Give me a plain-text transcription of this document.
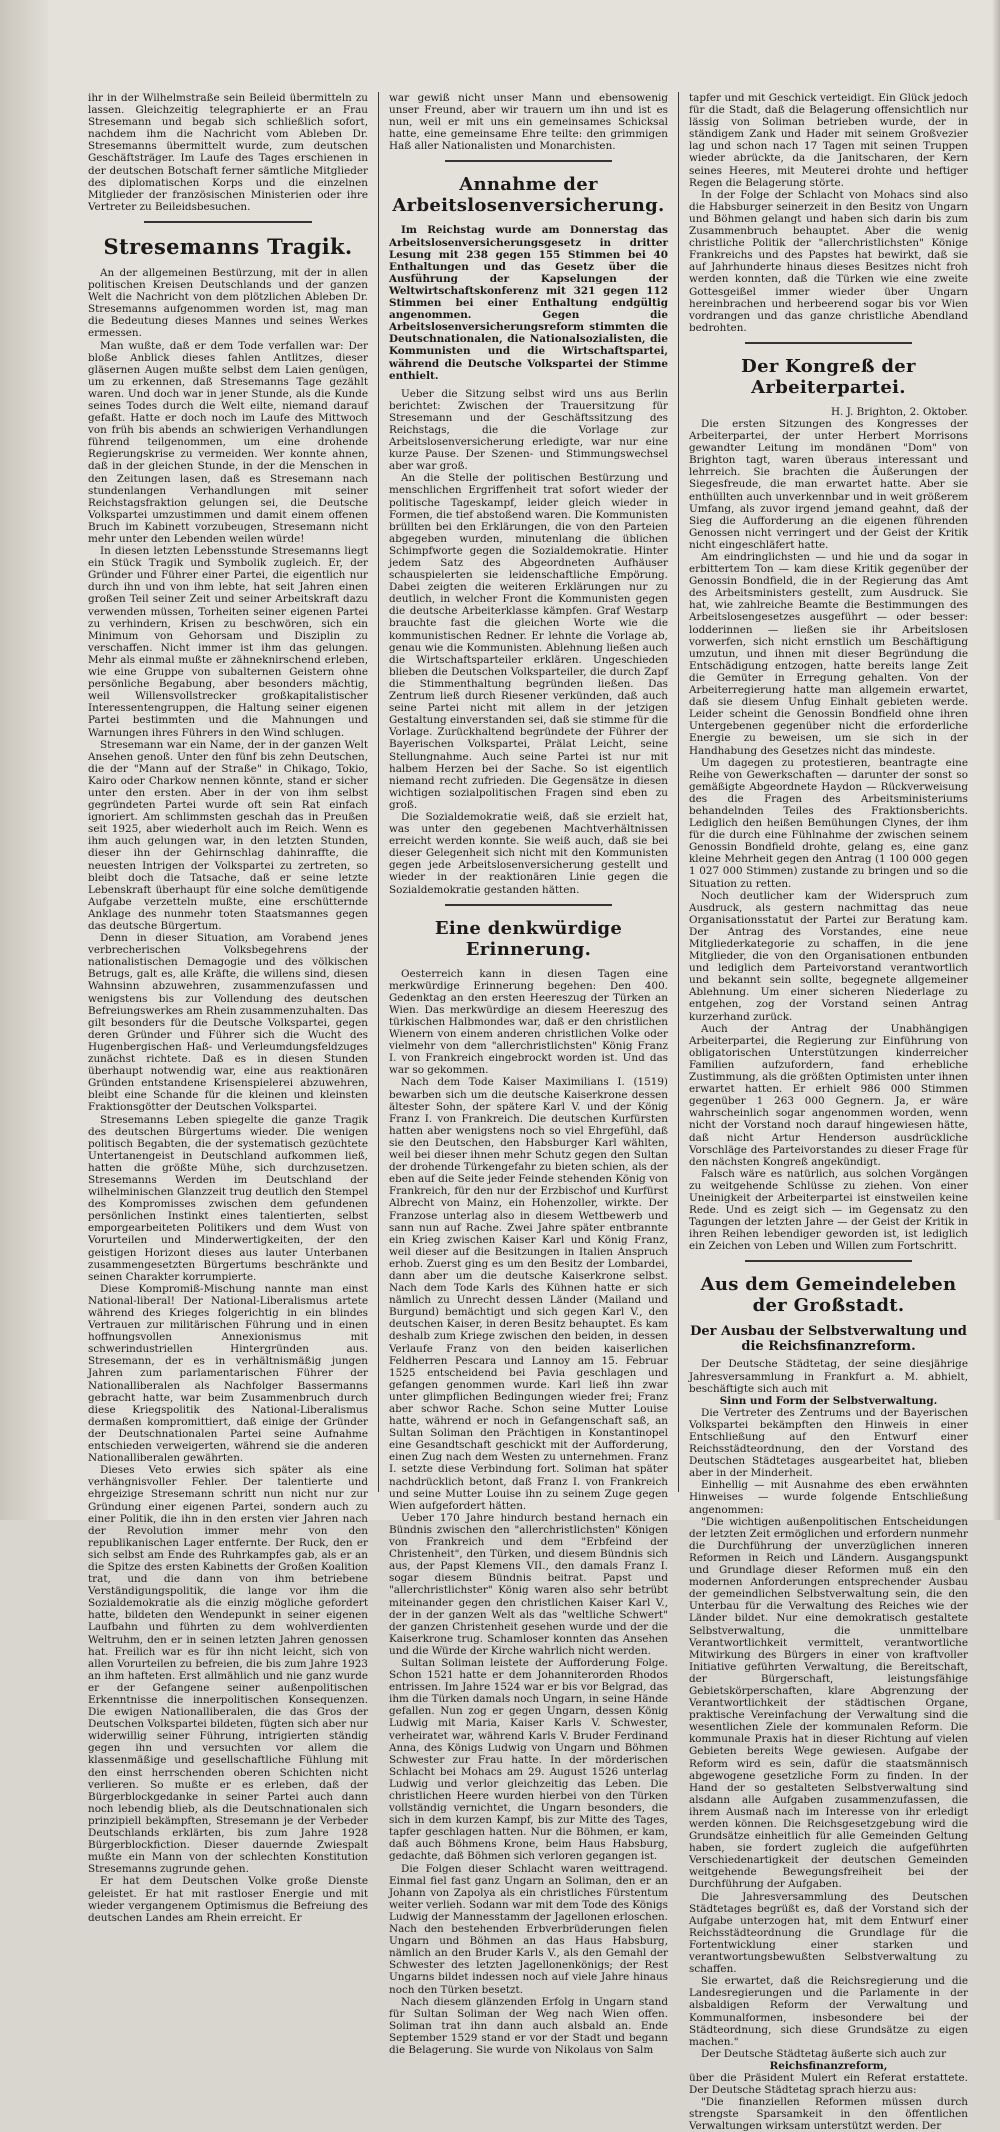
ihr in der Wilhelmstraße sein Beileid übermitteln zu lassen. Gleichzeitig telegraphierte er an Frau Stresemann und begab sich schließlich sofort, nachdem ihm die Nachricht vom Ableben Dr. Stresemanns übermittelt wurde, zum deutschen Geschäftsträger. Im Laufe des Tages erschienen in der deutschen Botschaft ferner sämtliche Mitglieder des diplomatischen Korps und die einzelnen Mitglieder der französischen Ministerien oder ihre Vertreter zu Beileidsbesuchen.

Stresemanns Tragik.

An der allgemeinen Bestürzung, mit der in allen politischen Kreisen Deutschlands und der ganzen Welt die Nachricht von dem plötzlichen Ableben Dr. Stresemanns aufgenommen worden ist, mag man die Bedeutung dieses Mannes und seines Werkes ermessen.

Man wußte, daß er dem Tode verfallen war: Der bloße Anblick dieses fahlen Antlitzes, dieser gläsernen Augen mußte selbst dem Laien genügen, um zu erkennen, daß Stresemanns Tage gezählt waren. Und doch war in jener Stunde, als die Kunde seines Todes durch die Welt eilte, niemand darauf gefaßt. Hatte er doch noch im Laufe des Mittwoch von früh bis abends an schwierigen Verhandlungen führend teilgenommen, um eine drohende Regierungskrise zu vermeiden. Wer konnte ahnen, daß in der gleichen Stunde, in der die Menschen in den Zeitungen lasen, daß es Stresemann nach stundenlangen Verhandlungen mit seiner Reichstagsfraktion gelungen sei, die Deutsche Volkspartei umzustimmen und damit einem offenen Bruch im Kabinett vorzubeugen, Stresemann nicht mehr unter den Lebenden weilen würde!

In diesen letzten Lebensstunde Stresemanns liegt ein Stück Tragik und Symbolik zugleich. Er, der Gründer und Führer einer Partei, die eigentlich nur durch ihn und von ihm lebte, hat seit Jahren einen großen Teil seiner Zeit und seiner Arbeitskraft dazu verwenden müssen, Torheiten seiner eigenen Partei zu verhindern, Krisen zu beschwören, sich ein Minimum von Gehorsam und Disziplin zu verschaffen. Nicht immer ist ihm das gelungen. Mehr als einmal mußte er zähneknirschend erleben, wie eine Gruppe von subalternen Geistern ohne persönliche Begabung, aber besonders mächtig, weil Willensvollstrecker großkapitalistischer Interessentengruppen, die Haltung seiner eigenen Partei bestimmten und die Mahnungen und Warnungen ihres Führers in den Wind schlugen.

Stresemann war ein Name, der in der ganzen Welt Ansehen genoß. Unter den fünf bis zehn Deutschen, die der "Mann auf der Straße" in Chikago, Tokio, Kairo oder Charkow nennen könnte, stand er sicher unter den ersten. Aber in der von ihm selbst gegründeten Partei wurde oft sein Rat einfach ignoriert. Am schlimmsten geschah das in Preußen seit 1925, aber wiederholt auch im Reich. Wenn es ihm auch gelungen war, in den letzten Stunden, dieser ihn der Gehirnschlag dahinraffte, die neuesten Intrigen der Volkspartei zu zertreten, so bleibt doch die Tatsache, daß er seine letzte Lebenskraft überhaupt für eine solche demütigende Aufgabe verzetteln mußte, eine erschütternde Anklage des nunmehr toten Staatsmannes gegen das deutsche Bürgertum.

Denn in dieser Situation, am Vorabend jenes verbrecherischen Volksbegehrens der nationalistischen Demagogie und des völkischen Betrugs, galt es, alle Kräfte, die willens sind, diesen Wahnsinn abzuwehren, zusammenzufassen und wenigstens bis zur Vollendung des deutschen Befreiungswerkes am Rhein zusammenzuhalten. Das gilt besonders für die Deutsche Volkspartei, gegen deren Gründer und Führer sich die Wucht des Hugenbergischen Haß- und Verleumdungsfeldzuges zunächst richtete. Daß es in diesen Stunden überhaupt notwendig war, eine aus reaktionären Gründen entstandene Krisenspielerei abzuwehren, bleibt eine Schande für die kleinen und kleinsten Fraktionsgötter der Deutschen Volkspartei.

Stresemanns Leben spiegelte die ganze Tragik des deutschen Bürgertums wieder. Die wenigen politisch Begabten, die der systematisch gezüchtete Untertanengeist in Deutschland aufkommen ließ, hatten die größte Mühe, sich durchzusetzen. Stresemanns Werden im Deutschland der wilhelminischen Glanzzeit trug deutlich den Stempel des Kompromisses zwischen dem gefundenen persönlichen Instinkt eines talentierten, selbst emporgearbeiteten Politikers und dem Wust von Vorurteilen und Minderwertigkeiten, der den geistigen Horizont dieses aus lauter Unterbanen zusammengesetzten Bürgertums beschränkte und seinen Charakter korrumpierte.

Diese Kompromiß-Mischung nannte man einst National-liberal! Der National-Liberalismus artete während des Krieges folgerichtig in ein blindes Vertrauen zur militärischen Führung und in einen hoffnungsvollen Annexionismus mit schwerindustriellen Hintergründen aus. Stresemann, der es in verhältnismäßig jungen Jahren zum parlamentarischen Führer der Nationalliberalen als Nachfolger Bassermanns gebracht hatte, war beim Zusammenbruch durch diese Kriegspolitik des National-Liberalismus dermaßen kompromittiert, daß einige der Gründer der Deutschnationalen Partei seine Aufnahme entschieden verweigerten, während sie die anderen Nationalliberalen gewährten.

Dieses Veto erwies sich später als eine verhängnisvoller Fehler. Der talentierte und ehrgeizige Stresemann schritt nun nicht nur zur Gründung einer eigenen Partei, sondern auch zu einer Politik, die ihn in den ersten vier Jahren nach der Revolution immer mehr von den republikanischen Lager entfernte. Der Ruck, den er sich selbst am Ende des Ruhrkampfes gab, als er an die Spitze des ersten Kabinetts der Großen Koalition trat, und die dann von ihm betriebene Verständigungspolitik, die lange vor ihm die Sozialdemokratie als die einzig mögliche gefordert hatte, bildeten den Wendepunkt in seiner eigenen Laufbahn und führten zu dem wohlverdienten Weltruhm, den er in seinen letzten Jahren genossen hat. Freilich war es für ihn nicht leicht, sich von allen Vorurteilen zu befreien, die bis zum Jahre 1923 an ihm hafteten. Erst allmählich und nie ganz wurde er der Gefangene seiner außenpolitischen Erkenntnisse die innerpolitischen Konsequenzen. Die ewigen Nationalliberalen, die das Gros der Deutschen Volkspartei bildeten, fügten sich aber nur widerwillig seiner Führung, intrigierten ständig gegen ihn und versuchten vor allem die klassenmäßige und gesellschaftliche Fühlung mit den einst herrschenden oberen Schichten nicht verlieren. So mußte er es erleben, daß der Bürgerblockgedanke in seiner Partei auch dann noch lebendig blieb, als die Deutschnationalen sich prinzipiell bekämpften, Stresemann je der Verbeder Deutschlands erklärten, bis zum Jahre 1928 Bürgerblockfiction. Dieser dauernde Zwiespalt mußte ein Mann von der schlechten Konstitution Stresemanns zugrunde gehen.

Er hat dem Deutschen Volke große Dienste geleistet. Er hat mit rastloser Energie und mit wieder vergangenem Optimismus die Befreiung des deutschen Landes am Rhein erreicht. Er

war gewiß nicht unser Mann und ebensowenig unser Freund, aber wir trauern um ihn und ist es nun, weil er mit uns ein gemeinsames Schicksal hatte, eine gemeinsame Ehre teilte: den grimmigen Haß aller Nationalisten und Monarchisten.

Annahme der Arbeitslosenversicherung.

Im Reichstag wurde am Donnerstag das Arbeitslosenversicherungsgesetz in dritter Lesung mit 238 gegen 155 Stimmen bei 40 Enthaltungen und das Gesetz über die Ausführung der Kapselungen der Weltwirtschaftskonferenz mit 321 gegen 112 Stimmen bei einer Enthaltung endgültig angenommen. Gegen die Arbeitslosenversicherungsreform stimmten die Deutschnationalen, die Nationalsozialisten, die Kommunisten und die Wirtschaftspartei, während die Deutsche Volkspartei der Stimme enthielt.

Ueber die Sitzung selbst wird uns aus Berlin berichtet: Zwischen der Trauersitzung für Stresemann und der Geschäftssitzung des Reichstags, die die Vorlage zur Arbeitslosenversicherung erledigte, war nur eine kurze Pause. Der Szenen- und Stimmungswechsel aber war groß.

An die Stelle der politischen Bestürzung und menschlichen Ergriffenheit trat sofort wieder der politische Tageskampf, leider gleich wieder in Formen, die tief abstoßend waren. Die Kommunisten brüllten bei den Erklärungen, die von den Parteien abgegeben wurden, minutenlang die üblichen Schimpfworte gegen die Sozialdemokratie. Hinter jedem Satz des Abgeordneten Aufhäuser schauspielerten sie leidenschaftliche Empörung. Dabei zeigten die weiteren Erklärungen nur zu deutlich, in welcher Front die Kommunisten gegen die deutsche Arbeiterklasse kämpfen. Graf Westarp brauchte fast die gleichen Worte wie die kommunistischen Redner. Er lehnte die Vorlage ab, genau wie die Kommunisten. Ablehnung ließen auch die Wirtschaftsparteiler erklären. Ungeschieden blieben die Deutschen Volksparteiler, die durch Zapf die Stimmenthaltung begründen ließen. Das Zentrum ließ durch Riesener verkünden, daß auch seine Partei nicht mit allem in der jetzigen Gestaltung einverstanden sei, daß sie stimme für die Vorlage. Zurückhaltend begründete der Führer der Bayerischen Volkspartei, Prälat Leicht, seine Stellungnahme. Auch seine Partei ist nur mit halbem Herzen bei der Sache. So ist eigentlich niemand recht zufrieden. Die Gegensätze in diesen wichtigen sozialpolitischen Fragen sind eben zu groß.

Die Sozialdemokratie weiß, daß sie erzielt hat, was unter den gegebenen Machtverhältnissen erreicht werden konnte. Sie weiß auch, daß sie bei dieser Gelegenheit sich nicht mit den Kommunisten gegen jede Arbeitslosenversicherung gestellt und wieder in der reaktionären Linie gegen die Sozialdemokratie gestanden hätten.

Eine denkwürdige Erinnerung.

Oesterreich kann in diesen Tagen eine merkwürdige Erinnerung begehen: Den 400. Gedenktag an den ersten Heereszug der Türken an Wien. Das merkwürdige an diesem Heereszug des türkischen Halbmondes war, daß er den christlichen Wienern von einem anderen christlichen Volke oder vielmehr von dem "allerchristlichsten" König Franz I. von Frankreich eingebrockt worden ist. Und das war so gekommen.

Nach dem Tode Kaiser Maximilians I. (1519) bewarben sich um die deutsche Kaiserkrone dessen ältester Sohn, der spätere Karl V. und der König Franz I. von Frankreich. Die deutschen Kurfürsten hatten aber wenigstens noch so viel Ehrgefühl, daß sie den Deutschen, den Habsburger Karl wählten, weil bei dieser ihnen mehr Schutz gegen den Sultan der drohende Türkengefahr zu bieten schien, als der eben auf die Seite jeder Feinde stehenden König von Frankreich, für den nur der Erzbischof und Kurfürst Albrecht von Mainz, ein Hohenzoller, wirkte. Der Franzose unterlag also in diesem Wettbewerb und sann nun auf Rache. Zwei Jahre später entbrannte ein Krieg zwischen Kaiser Karl und König Franz, weil dieser auf die Besitzungen in Italien Anspruch erhob. Zuerst ging es um den Besitz der Lombardei, dann aber um die deutsche Kaiserkrone selbst. Nach dem Tode Karls des Kühnen hatte er sich nämlich zu Unrecht dessen Länder (Mailand und Burgund) bemächtigt und sich gegen Karl V., den deutschen Kaiser, in deren Besitz behauptet. Es kam deshalb zum Kriege zwischen den beiden, in dessen Verlaufe Franz von den beiden kaiserlichen Feldherren Pescara und Lannoy am 15. Februar 1525 entscheidend bei Pavia geschlagen und gefangen genommen wurde. Karl ließ ihn zwar unter glimpflichen Bedingungen wieder frei; Franz aber schwor Rache. Schon seine Mutter Louise hatte, während er noch in Gefangenschaft saß, an Sultan Soliman den Prächtigen in Konstantinopel eine Gesandtschaft geschickt mit der Aufforderung, einen Zug nach dem Westen zu unternehmen. Franz I. setzte diese Verbindung fort. Soliman hat später nachdrücklich betont, daß Franz I. von Frankreich und seine Mutter Louise ihn zu seinem Zuge gegen Wien aufgefordert hätten.

Ueber 170 Jahre hindurch bestand hernach ein Bündnis zwischen den "allerchristlichsten" Königen von Frankreich und dem "Erbfeind der Christenheit", den Türken, und diesem Bündnis sich aus, der Papst Klemens VII., den damals Franz I. sogar diesem Bündnis beitrat. Papst und "allerchristlichster" König waren also sehr betrübt miteinander gegen den christlichen Kaiser Karl V., der in der ganzen Welt als das "weltliche Schwert" der ganzen Christenheit gesehen wurde und der die Kaiserkrone trug. Schamloser konnten das Ansehen und die Würde der Kirche wahrlich nicht werden.

Sultan Soliman leistete der Aufforderung Folge. Schon 1521 hatte er dem Johanniterorden Rhodos entrissen. Im Jahre 1524 war er bis vor Belgrad, das ihm die Türken damals noch Ungarn, in seine Hände gefallen. Nun zog er gegen Ungarn, dessen König Ludwig mit Maria, Kaiser Karls V. Schwester, verheiratet war, während Karls V. Bruder Ferdinand Anna, des Königs Ludwig von Ungarn und Böhmen Schwester zur Frau hatte. In der mörderischen Schlacht bei Mohacs am 29. August 1526 unterlag Ludwig und verlor gleichzeitig das Leben. Die christlichen Heere wurden hierbei von den Türken vollständig vernichtet, die Ungarn besonders, die sich in dem kurzen Kampf, bis zur Mitte des Tages, tapfer geschlagen hatten. Nur die Böhmen, er kam, daß auch Böhmens Krone, beim Haus Habsburg, gedachte, daß Böhmen sich verloren gegangen ist.

Die Folgen dieser Schlacht waren weittragend. Einmal fiel fast ganz Ungarn an Soliman, den er an Johann von Zapolya als ein christliches Fürstentum weiter verlieh. Sodann war mit dem Tode des Königs Ludwig der Mannesstamm der Jagellonen erloschen. Nach den bestehenden Erbverbrüderungen fielen Ungarn und Böhmen an das Haus Habsburg, nämlich an den Bruder Karls V., als den Gemahl der Schwester des letzten Jagellonenkönigs; der Rest Ungarns bildet indessen noch auf viele Jahre hinaus noch den Türken besetzt.

Nach diesem glänzenden Erfolg in Ungarn stand für Sultan Soliman der Weg nach Wien offen. Soliman trat ihn dann auch alsbald an. Ende September 1529 stand er vor der Stadt und begann die Belagerung. Sie wurde von Nikolaus von Salm

tapfer und mit Geschick verteidigt. Ein Glück jedoch für die Stadt, daß die Belagerung offensichtlich nur lässig von Soliman betrieben wurde, der in ständigem Zank und Hader mit seinem Großvezier lag und schon nach 17 Tagen mit seinen Truppen wieder abrückte, da die Janitscharen, der Kern seines Heeres, mit Meuterei drohte und heftiger Regen die Belagerung störte.

In der Folge der Schlacht von Mohacs sind also die Habsburger seinerzeit in den Besitz von Ungarn und Böhmen gelangt und haben sich darin bis zum Zusammenbruch behauptet. Aber die wenig christliche Politik der "allerchristlichsten" Könige Frankreichs und des Papstes hat bewirkt, daß sie auf Jahrhunderte hinaus dieses Besitzes nicht froh werden konnten, daß die Türken wie eine zweite Gottesgeißel immer wieder über Ungarn hereinbrachen und herbeerend sogar bis vor Wien vordrangen und das ganze christliche Abendland bedrohten.

Der Kongreß der Arbeiterpartei.

H. J. Brighton, 2. Oktober.

Die ersten Sitzungen des Kongresses der Arbeiterpartei, der unter Herbert Morrisons gewandter Leitung im mondänen "Dom" von Brighton tagt, waren überaus interessant und lehrreich. Sie brachten die Äußerungen der Siegesfreude, die man erwartet hatte. Aber sie enthüllten auch unverkennbar und in weit größerem Umfang, als zuvor irgend jemand geahnt, daß der Sieg die Aufforderung an die eigenen führenden Genossen nicht verringert und der Geist der Kritik nicht eingeschläfert hatte.

Am eindringlichsten — und hie und da sogar in erbittertem Ton — kam diese Kritik gegenüber der Genossin Bondfield, die in der Regierung das Amt des Arbeitsministers gestellt, zum Ausdruck. Sie hat, wie zahlreiche Beamte die Bestimmungen des Arbeitslosengesetzes ausgeführt — oder besser: lodderinnen — ließen sie ihr Arbeitslosen vorwerfen, sich nicht ernstlich um Beschäftigung umzutun, und ihnen mit dieser Begründung die Entschädigung entzogen, hatte bereits lange Zeit die Gemüter in Erregung gehalten. Von der Arbeiterregierung hatte man allgemein erwartet, daß sie diesem Unfug Einhalt gebieten werde. Leider scheint die Genossin Bondfield ohne ihren Untergebenen gegenüber nicht die erforderliche Energie zu beweisen, um sie sich in der Handhabung des Gesetzes nicht das mindeste.

Um dagegen zu protestieren, beantragte eine Reihe von Gewerkschaften — darunter der sonst so gemäßigte Abgeordnete Haydon — Rückverweisung des die Fragen des Arbeitsministeriums behandelnden Teiles des Fraktionsberichts. Lediglich den heißen Bemühungen Clynes, der ihm für die durch eine Fühlnahme der zwischen seinem Genossin Bondfield drohte, gelang es, eine ganz kleine Mehrheit gegen den Antrag (1 100 000 gegen 1 027 000 Stimmen) zustande zu bringen und so die Situation zu retten.

Noch deutlicher kam der Widerspruch zum Ausdruck, als gestern nachmittag das neue Organisationsstatut der Partei zur Beratung kam. Der Antrag des Vorstandes, eine neue Mitgliederkategorie zu schaffen, in die jene Mitglieder, die von den Organisationen entbunden und lediglich dem Parteivorstand verantwortlich und bekannt sein sollte, begegnete allgemeiner Ablehnung. Um einer sicheren Niederlage zu entgehen, zog der Vorstand seinen Antrag kurzerhand zurück.

Auch der Antrag der Unabhängigen Arbeiterpartei, die Regierung zur Einführung von obligatorischen Unterstützungen kinderreicher Familien aufzufordern, fand erhebliche Zustimmung, als die größten Optimisten unter ihnen erwartet hatten. Er erhielt 986 000 Stimmen gegenüber 1 263 000 Gegnern. Ja, er wäre wahrscheinlich sogar angenommen worden, wenn nicht der Vorstand noch darauf hingewiesen hätte, daß nicht Artur Henderson ausdrückliche Vorschläge des Parteivorstandes zu dieser Frage für den nächsten Kongreß angekündigt.

Falsch wäre es natürlich, aus solchen Vorgängen zu weitgehende Schlüsse zu ziehen. Von einer Uneinigkeit der Arbeiterpartei ist einstweilen keine Rede. Und es zeigt sich — im Gegensatz zu den Tagungen der letzten Jahre — der Geist der Kritik in ihren Reihen lebendiger geworden ist, ist lediglich ein Zeichen von Leben und Willen zum Fortschritt.

Aus dem Gemeindeleben der Großstadt.
Der Ausbau der Selbstverwaltung und die Reichsfinanzreform.

Der Deutsche Städtetag, der seine diesjährige Jahresversammlung in Frankfurt a. M. abhielt, beschäftigte sich auch mit

Sinn und Form der Selbstverwaltung.

Die Vertreter des Zentrums und der Bayerischen Volkspartei bekämpften den Hinweis in einer Entschließung auf den Entwurf einer Reichsstädteordnung, den der Vorstand des Deutschen Städtetages ausgearbeitet hat, blieben aber in der Minderheit.

Einhellig — mit Ausnahme des eben erwähnten Hinweises — wurde folgende Entschließung angenommen:

"Die wichtigen außenpolitischen Entscheidungen der letzten Zeit ermöglichen und erfordern nunmehr die Durchführung der unverzüglichen inneren Reformen in Reich und Ländern. Ausgangspunkt und Grundlage dieser Reformen muß ein den modernen Anforderungen entsprechender Ausbau der gemeindlichen Selbstverwaltung sein, die den Unterbau für die Verwaltung des Reiches wie der Länder bildet. Nur eine demokratisch gestaltete Selbstverwaltung, die unmittelbare Verantwortlichkeit vermittelt, verantwortliche Mitwirkung des Bürgers in einer von kraftvoller Initiative geführten Verwaltung, die Bereitschaft, der Bürgerschaft, leistungsfähige Gebietskörperschaften, klare Abgrenzung der Verantwortlichkeit der städtischen Organe, praktische Vereinfachung der Verwaltung sind die wesentlichen Ziele der kommunalen Reform. Die kommunale Praxis hat in dieser Richtung auf vielen Gebieten bereits Wege gewiesen. Aufgabe der Reform wird es sein, dafür die staatsmännisch abgewogene gesetzliche Form zu finden. In der Hand der so gestalteten Selbstverwaltung sind alsdann alle Aufgaben zusammenzufassen, die ihrem Ausmaß nach im Interesse von ihr erledigt werden können. Die Reichsgesetzgebung wird die Grundsätze einheitlich für alle Gemeinden Geltung haben, sie fordert zugleich die aufgeführten Verschiedenartigkeit der deutschen Gemeinden weitgehende Bewegungsfreiheit bei der Durchführung der Aufgaben.

Die Jahresversammlung des Deutschen Städtetages begrüßt es, daß der Vorstand sich der Aufgabe unterzogen hat, mit dem Entwurf einer Reichsstädteordnung die Grundlage für die Fortentwicklung einer starken und verantwortungsbewußten Selbstverwaltung zu schaffen.

Sie erwartet, daß die Reichsregierung und die Landesregierungen und die Parlamente in der alsbaldigen Reform der Verwaltung und Kommunalformen, insbesondere bei der Städteordnung, sich diese Grundsätze zu eigen machen."

Der Deutsche Städtetag äußerte sich auch zur

Reichsfinanzreform,

über die Präsident Mulert ein Referat erstattete. Der Deutsche Städtetag sprach hierzu aus:

"Die finanziellen Reformen müssen durch strengste Sparsamkeit in den öffentlichen Verwaltungen wirksam unterstützt werden. Der
